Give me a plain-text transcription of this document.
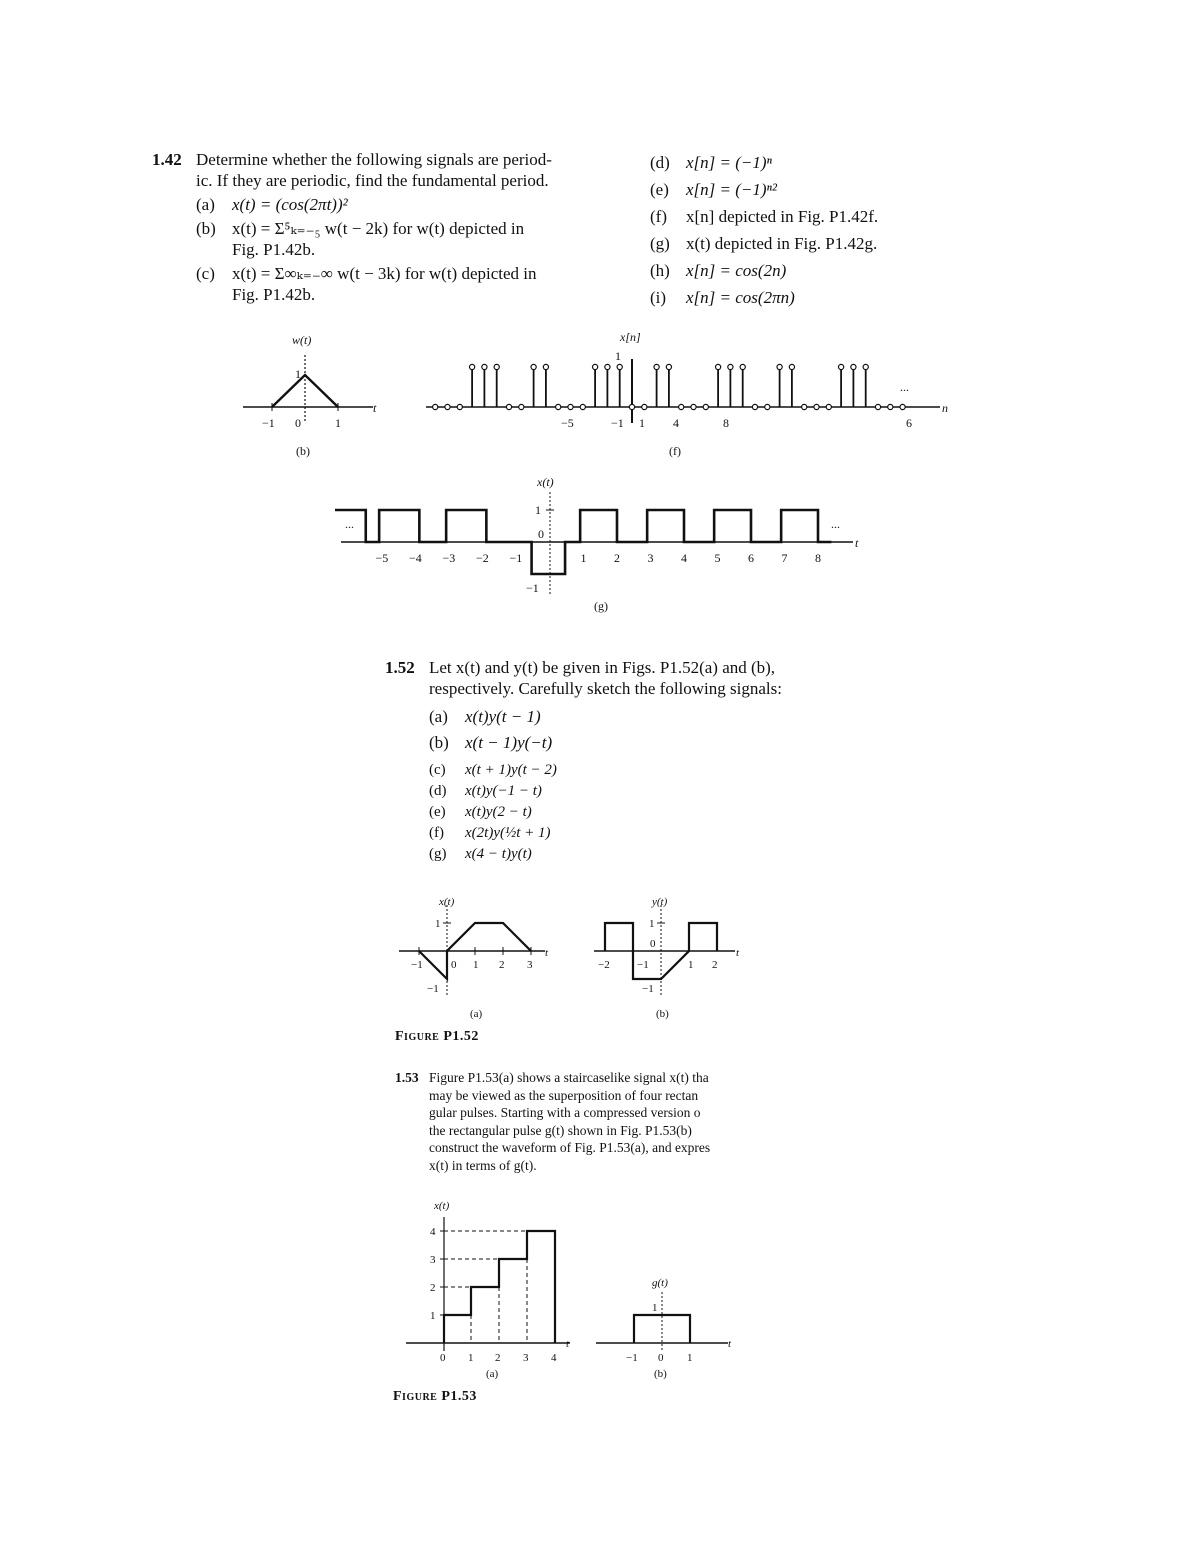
1.42 Determine whether the following signals are period-
ic. If they are periodic, find the fundamental period.
(a)	x(t) = (cos(2πt))²
(b) x(t) = Σ⁵ₖ₌₋₅ w(t − 2k) for w(t) depicted in
Fig. P1.42b.
(c)	x(t) = Σ∞ₖ₌₋∞ w(t − 3k) for w(t) depicted in
Fig. P1.42b.
(d) x[n] = (−1)ⁿ
(e)	x[n] = (−1)ⁿ²
(f)	x[n] depicted in Fig. P1.42f.
(g) x(t) depicted in Fig. P1.42g.
(h) x[n] = cos(2n)
(i)	x[n] = cos(2πn)
w(t)
1
t
−1 0	1
(b)
x[n]
1
...
n
−5	−1 1 4	8	6
(f)
x(t)
1
0
−1
...	...
t
−5 −4 −3 −2 −1	1 2 3 4 5 6 7 8
(g)
1.52 Let x(t) and y(t) be given in Figs. P1.52(a) and (b),
respectively. Carefully sketch the following signals:
(a)	x(t)y(t − 1)
(b) x(t − 1)y(−t)
(c)	x(t + 1)y(t − 2)
(d)	x(t)y(−1 − t)
(e)	x(t)y(2 − t)
(f)	x(2t)y(½t + 1)
(g)	x(4 − t)y(t)
x(t)
1
−1
t
−1	0 1 2 3
(a)
y(t)
1
0
−1
t
−2 −1	1 2
(b)
Figure P1.52
1.53 Figure P1.53(a) shows a staircaselike signal x(t) tha
may be viewed as the superposition of four rectan
gular pulses. Starting with a compressed version o
the rectangular pulse g(t) shown in Fig. P1.53(b)
construct the waveform of Fig. P1.53(a), and expres
x(t) in terms of g(t).
x(t)
4
3
2
1
t
0 1 2 3 4
(a)
g(t)
1
t
−1 0 1
(b)
Figure P1.53
